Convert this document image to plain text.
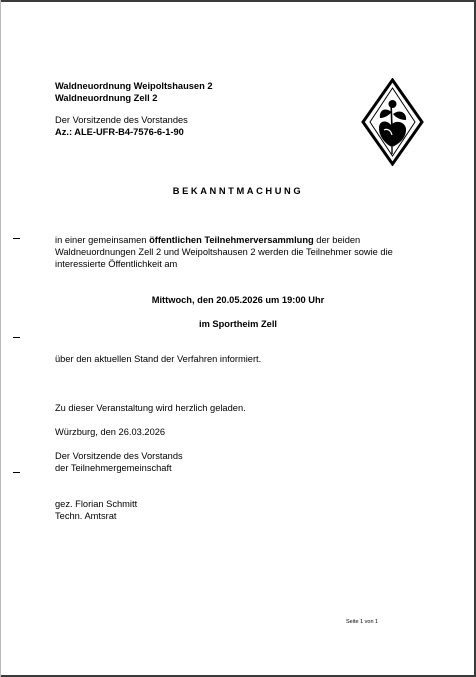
Waldneuordnung Weipoltshausen 2
Waldneuordnung Zell 2
Der Vorsitzende des Vorstandes
Az.: ALE-UFR-B4-7576-6-1-90
BEKANNTMACHUNG
in einer gemeinsamen öffentlichen Teilnehmerversammlung der beiden
Waldneuordnungen Zell 2 und Weipoltshausen 2 werden die Teilnehmer sowie die
interessierte Öffentlichkeit am
Mittwoch, den 20.05.2026 um 19:00 Uhr
im Sportheim Zell
über den aktuellen Stand der Verfahren informiert.
Zu dieser Veranstaltung wird herzlich geladen.
Würzburg, den 26.03.2026
Der Vorsitzende des Vorstands
der Teilnehmergemeinschaft
gez. Florian Schmitt
Techn. Amtsrat
Seite 1 von 1
